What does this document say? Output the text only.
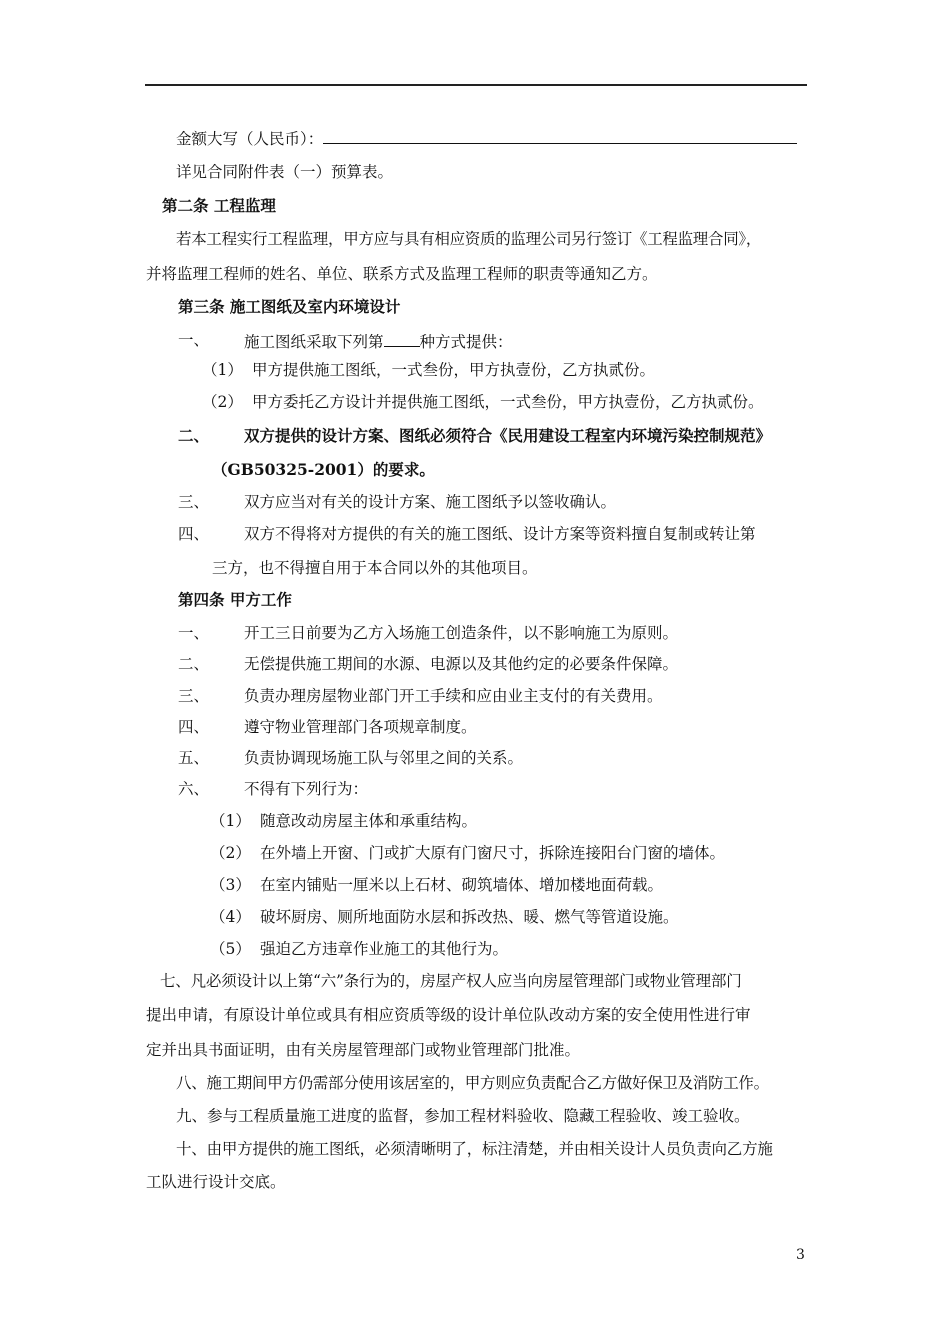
金额大写（人民币）：
详见合同附件表（一）预算表。
第二条 工程监理
若本工程实行工程监理，甲方应与具有相应资质的监理公司另行签订《工程监理合同》，
并将监理工程师的姓名、单位、联系方式及监理工程师的职责等通知乙方。
第三条 施工图纸及室内环境设计
一、 施工图纸采取下列第 种方式提供：
（1） 甲方提供施工图纸，一式叁份，甲方执壹份，乙方执贰份。
（2） 甲方委托乙方设计并提供施工图纸，一式叁份，甲方执壹份，乙方执贰份。
二、 双方提供的设计方案、图纸必须符合《民用建设工程室内环境污染控制规范》
（GB50325-2001）的要求。
三、 双方应当对有关的设计方案、施工图纸予以签收确认。
四、 双方不得将对方提供的有关的施工图纸、设计方案等资料擅自复制或转让第
三方，也不得擅自用于本合同以外的其他项目。
第四条 甲方工作
一、 开工三日前要为乙方入场施工创造条件，以不影响施工为原则。
二、 无偿提供施工期间的水源、电源以及其他约定的必要条件保障。
三、 负责办理房屋物业部门开工手续和应由业主支付的有关费用。
四、 遵守物业管理部门各项规章制度。
五、 负责协调现场施工队与邻里之间的关系。
六、 不得有下列行为：
（1） 随意改动房屋主体和承重结构。
（2） 在外墙上开窗、门或扩大原有门窗尺寸，拆除连接阳台门窗的墙体。
（3） 在室内铺贴一厘米以上石材、砌筑墙体、增加楼地面荷载。
（4） 破坏厨房、厕所地面防水层和拆改热、暖、燃气等管道设施。
（5） 强迫乙方违章作业施工的其他行为。
七、凡必须设计以上第“六”条行为的，房屋产权人应当向房屋管理部门或物业管理部门
提出申请，有原设计单位或具有相应资质等级的设计单位队改动方案的安全使用性进行审
定并出具书面证明，由有关房屋管理部门或物业管理部门批准。
八、施工期间甲方仍需部分使用该居室的，甲方则应负责配合乙方做好保卫及消防工作。
九、参与工程质量施工进度的监督，参加工程材料验收、隐藏工程验收、竣工验收。
十、由甲方提供的施工图纸，必须清晰明了，标注清楚，并由相关设计人员负责向乙方施
工队进行设计交底。
3
